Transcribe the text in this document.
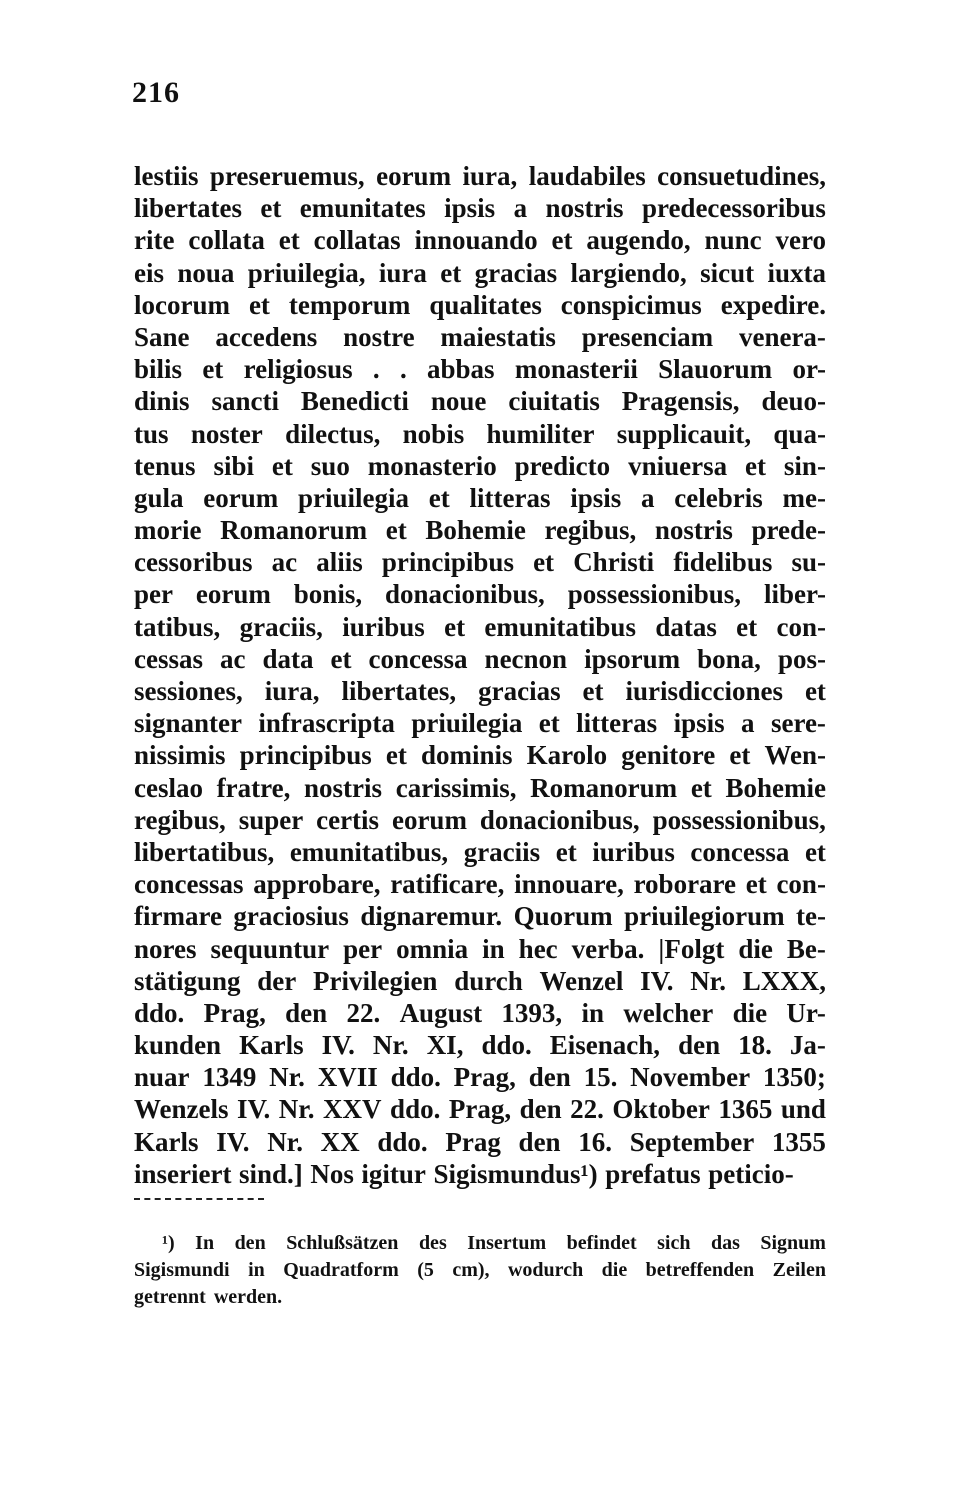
216
lestiis preseruemus, eorum iura, laudabiles consuetudines,
libertates et emunitates ipsis a nostris predecessoribus
rite collata et collatas innouando et augendo, nunc vero
eis noua priuilegia, iura et gracias largiendo, sicut iuxta
locorum et temporum qualitates conspicimus expedire.
Sane accedens nostre maiestatis presenciam venera-
bilis et religiosus . . abbas monasterii Slauorum or-
dinis sancti Benedicti noue ciuitatis Pragensis, deuo-
tus noster dilectus, nobis humiliter supplicauit, qua-
tenus sibi et suo monasterio predicto vniuersa et sin-
gula eorum priuilegia et litteras ipsis a celebris me-
morie Romanorum et Bohemie regibus, nostris prede-
cessoribus ac aliis principibus et Christi fidelibus su-
per eorum bonis, donacionibus, possessionibus, liber-
tatibus, graciis, iuribus et emunitatibus datas et con-
cessas ac data et concessa necnon ipsorum bona, pos-
sessiones, iura, libertates, gracias et iurisdicciones et
signanter infrascripta priuilegia et litteras ipsis a sere-
nissimis principibus et dominis Karolo genitore et Wen-
ceslao fratre, nostris carissimis, Romanorum et Bohemie
regibus, super certis eorum donacionibus, possessionibus,
libertatibus, emunitatibus, graciis et iuribus concessa et
concessas approbare, ratificare, innouare, roborare et con-
firmare graciosius dignaremur. Quorum priuilegiorum te-
nores sequuntur per omnia in hec verba. |Folgt die Be-
stätigung der Privilegien durch Wenzel IV. Nr. LXXX,
ddo. Prag, den 22. August 1393, in welcher die Ur-
kunden Karls IV. Nr. XI, ddo. Eisenach, den 18. Ja-
nuar 1349 Nr. XVII ddo. Prag, den 15. November 1350;
Wenzels IV. Nr. XXV ddo. Prag, den 22. Oktober 1365 und
Karls IV. Nr. XX ddo. Prag den 16. September 1355
inseriert sind.] Nos igitur Sigismundus¹) prefatus peticio-
¹) In den Schlußsätzen des Insertum befindet sich das Signum
Sigismundi in Quadratform (5 cm), wodurch die betreffenden Zeilen
getrennt werden.
